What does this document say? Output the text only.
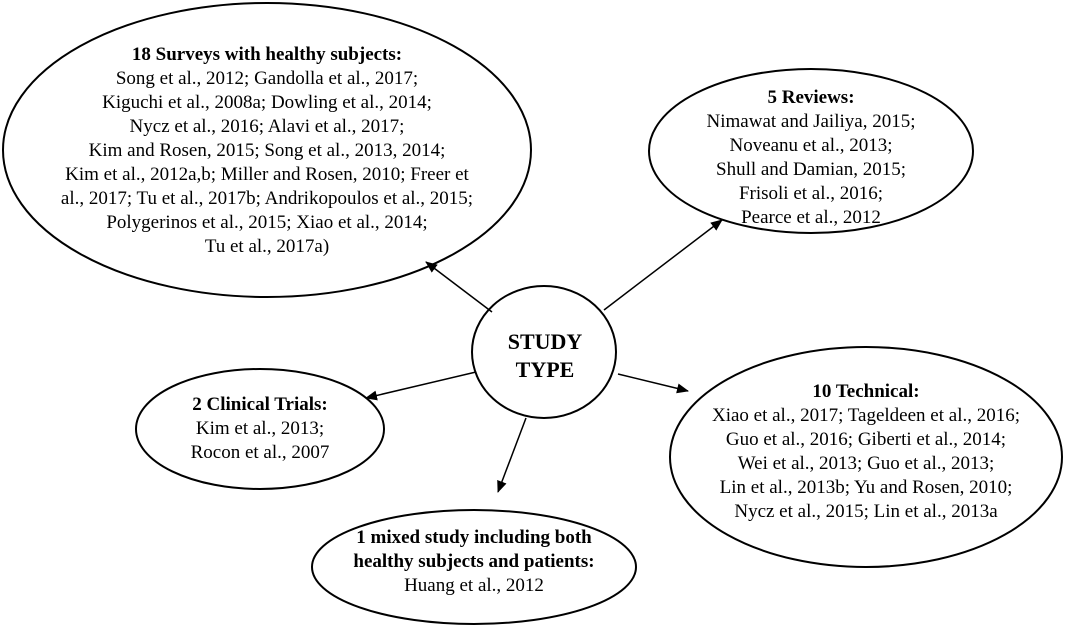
STUDY
TYPE
18 Surveys with healthy subjects:
Song et al., 2012; Gandolla et al., 2017;
Kiguchi et al., 2008a; Dowling et al., 2014;
Nycz et al., 2016; Alavi et al., 2017;
Kim and Rosen, 2015; Song et al., 2013, 2014;
Kim et al., 2012a,b; Miller and Rosen, 2010; Freer et
al., 2017; Tu et al., 2017b; Andrikopoulos et al., 2015;
Polygerinos et al., 2015; Xiao et al., 2014;
Tu et al., 2017a)
5 Reviews:
Nimawat and Jailiya, 2015;
Noveanu et al., 2013;
Shull and Damian, 2015;
Frisoli et al., 2016;
Pearce et al., 2012
2 Clinical Trials:
Kim et al., 2013;
Rocon et al., 2007
10 Technical:
Xiao et al., 2017; Tageldeen et al., 2016;
Guo et al., 2016; Giberti et al., 2014;
Wei et al., 2013; Guo et al., 2013;
Lin et al., 2013b; Yu and Rosen, 2010;
Nycz et al., 2015; Lin et al., 2013a
1 mixed study including both
healthy subjects and patients:
Huang et al., 2012
